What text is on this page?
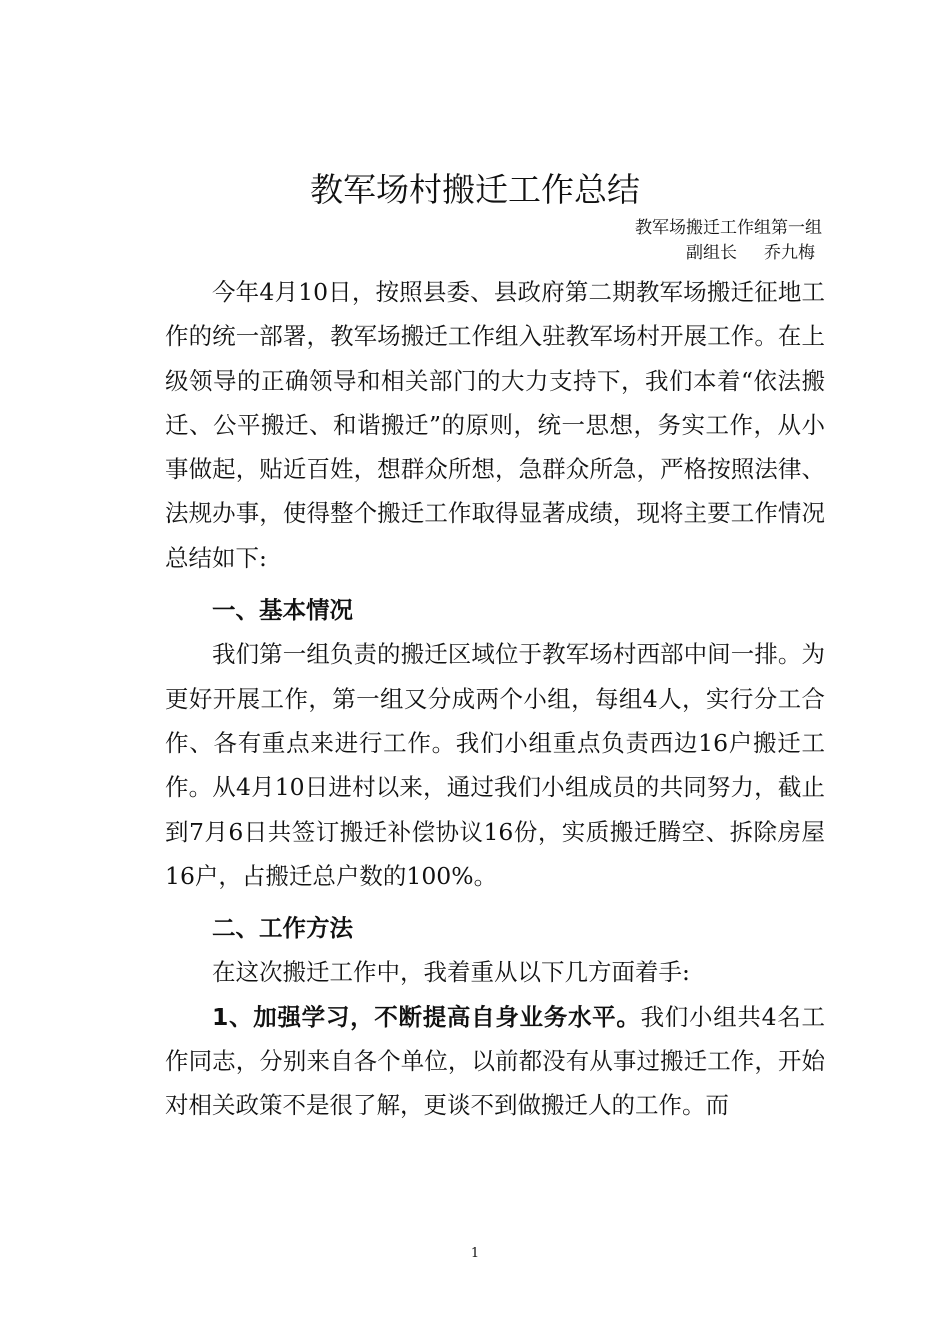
教军场村搬迁工作总结
教军场搬迁工作组第一组
副组长     乔九梅

今年4月10日，按照县委、县政府第二期教军场搬迁征地工作的统一部署，教军场搬迁工作组入驻教军场村开展工作。在上级领导的正确领导和相关部门的大力支持下，我们本着“依法搬迁、公平搬迁、和谐搬迁”的原则，统一思想，务实工作，从小事做起，贴近百姓，想群众所想，急群众所急，严格按照法律、法规办事，使得整个搬迁工作取得显著成绩，现将主要工作情况总结如下:

一、基本情况

我们第一组负责的搬迁区域位于教军场村西部中间一排。为更好开展工作，第一组又分成两个小组，每组4人，实行分工合作、各有重点来进行工作。我们小组重点负责西边16户搬迁工作。从4月10日进村以来，通过我们小组成员的共同努力，截止到7月6日共签订搬迁补偿协议16份，实质搬迁腾空、拆除房屋16户，占搬迁总户数的100%。

二、工作方法

在这次搬迁工作中，我着重从以下几方面着手:

1、加强学习，不断提高自身业务水平。我们小组共4名工作同志，分别来自各个单位，以前都没有从事过搬迁工作，开始对相关政策不是很了解，更谈不到做搬迁人的工作。而

1
